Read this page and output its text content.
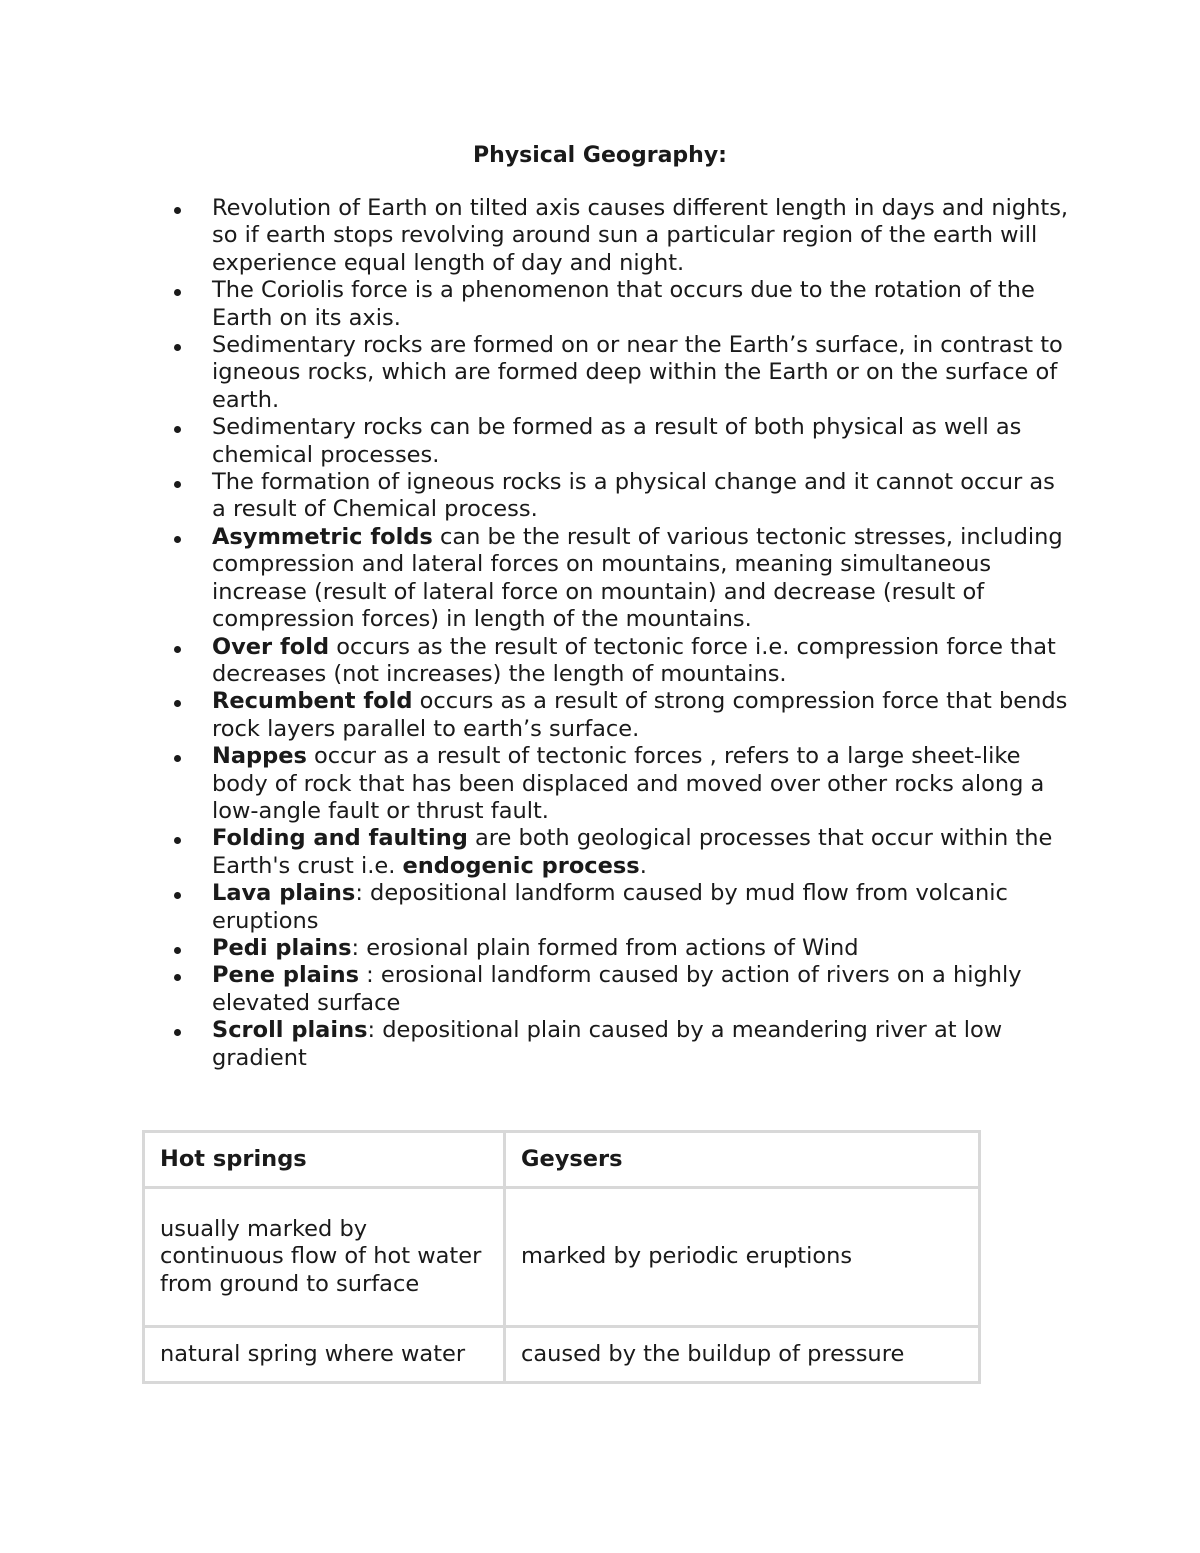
Physical Geography:
Revolution of Earth on tilted axis causes different length in days and nights, so if earth stops revolving around sun a particular region of the earth will experience equal length of day and night.
The Coriolis force is a phenomenon that occurs due to the rotation of the Earth on its axis.
Sedimentary rocks are formed on or near the Earth’s surface, in contrast to igneous rocks, which are formed deep within the Earth or on the surface of earth.
Sedimentary rocks can be formed as a result of both physical as well as chemical processes.
The formation of igneous rocks is a physical change and it cannot occur as a result of Chemical process.
Asymmetric folds can be the result of various tectonic stresses, including compression and lateral forces on mountains, meaning simultaneous increase (result of lateral force on mountain) and decrease (result of compression forces) in length of the mountains.
Over fold occurs as the result of tectonic force i.e. compression force that decreases (not increases) the length of mountains.
Recumbent fold occurs as a result of strong compression force that bends rock layers parallel to earth’s surface.
Nappes occur as a result of tectonic forces , refers to a large sheet-like body of rock that has been displaced and moved over other rocks along a low-angle fault or thrust fault.
Folding and faulting are both geological processes that occur within the Earth's crust i.e. endogenic process.
Lava plains: depositional landform caused by mud flow from volcanic eruptions
Pedi plains: erosional plain formed from actions of Wind
Pene plains : erosional landform caused by action of rivers on a highly elevated surface
Scroll plains: depositional plain caused by a meandering river at low gradient
Hot springs	Geysers
usually marked by continuous flow of hot water from ground to surface	marked by periodic eruptions
natural spring where water	caused by the buildup of pressure
